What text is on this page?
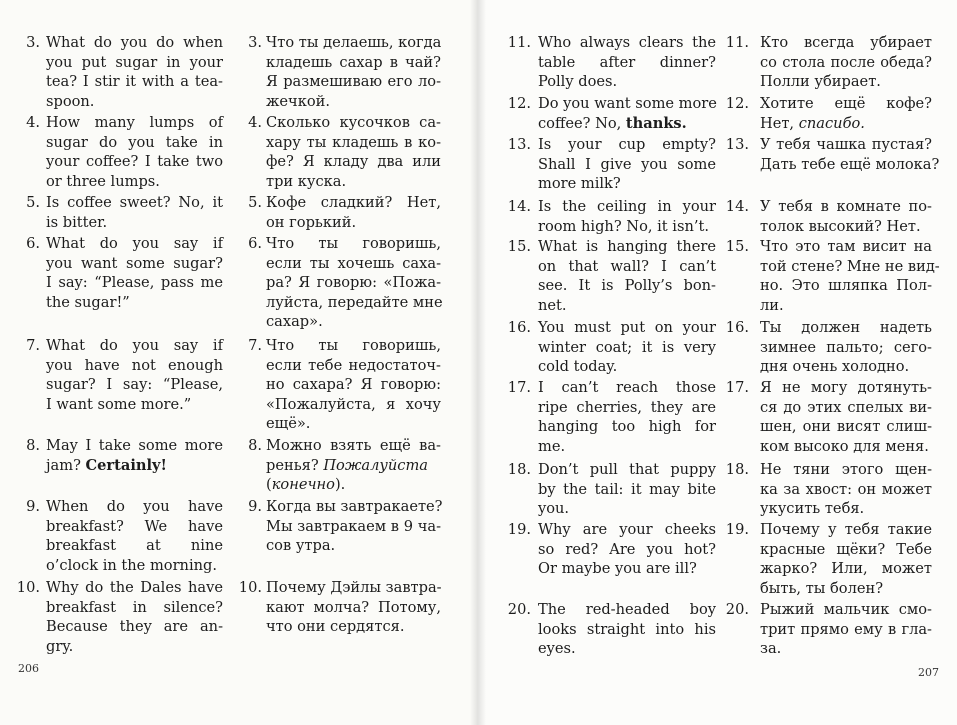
3. What do you do when
you put sugar in your
tea? I stir it with a tea-
spoon.
4. How many lumps of
sugar do you take in
your coffee? I take two
or three lumps.
5. Is coffee sweet? No, it
is bitter.
6. What do you say if
you want some sugar?
I say: “Please, pass me
the sugar!”
7. What do you say if
you have not enough
sugar? I say: “Please,
I want some more.”
8. May I take some more
jam? Certainly!
9. When do you have
breakfast? We have
breakfast at nine
o’clock in the morning.
10. Why do the Dales have
breakfast in silence?
Because they are an-
gry.
3. Что ты делаешь, когда
кладешь сахар в чай?
Я размешиваю его ло-
жечкой.
4. Сколько кусочков са-
хару ты кладешь в ко-
фе? Я кладу два или
три куска.
5. Кофе сладкий? Нет,
он горький.
6. Что ты говоришь,
если ты хочешь саха-
ра? Я говорю: «Пожа-
луйста, передайте мне
сахар».
7. Что ты говоришь,
если тебе недостаточ-
но сахара? Я говорю:
«Пожалуйста, я хочу
ещё».
8. Можно взять ещё ва-
ренья? Пожалуйста
(конечно).
9. Когда вы завтракаете?
Мы завтракаем в 9 ча-
сов утра.
10. Почему Дэйлы завтра-
кают молча? Потому,
что они сердятся.
206
11. Who always clears the
table after dinner?
Polly does.
12. Do you want some more
coffee? No, thanks.
13. Is your cup empty?
Shall I give you some
more milk?
14. Is the ceiling in your
room high? No, it isn’t.
15. What is hanging there
on that wall? I can’t
see. It is Polly’s bon-
net.
16. You must put on your
winter coat; it is very
cold today.
17. I can’t reach those
ripe cherries, they are
hanging too high for
me.
18. Don’t pull that puppy
by the tail: it may bite
you.
19. Why are your cheeks
so red? Are you hot?
Or maybe you are ill?
20. The red-headed boy
looks straight into his
eyes.
11. Кто всегда убирает
со стола после обеда?
Полли убирает.
12. Хотите ещё кофе?
Нет, спасибо.
13. У тебя чашка пустая?
Дать тебе ещё молока?
14. У тебя в комнате по-
толок высокий? Нет.
15. Что это там висит на
той стене? Мне не вид-
но. Это шляпка Пол-
ли.
16. Ты должен надеть
зимнее пальто; сего-
дня очень холодно.
17. Я не могу дотянуть-
ся до этих спелых ви-
шен, они висят слиш-
ком высоко для меня.
18. Не тяни этого щен-
ка за хвост: он может
укусить тебя.
19. Почему у тебя такие
красные щёки? Тебе
жарко? Или, может
быть, ты болен?
20. Рыжий мальчик смо-
трит прямо ему в гла-
за.
207
